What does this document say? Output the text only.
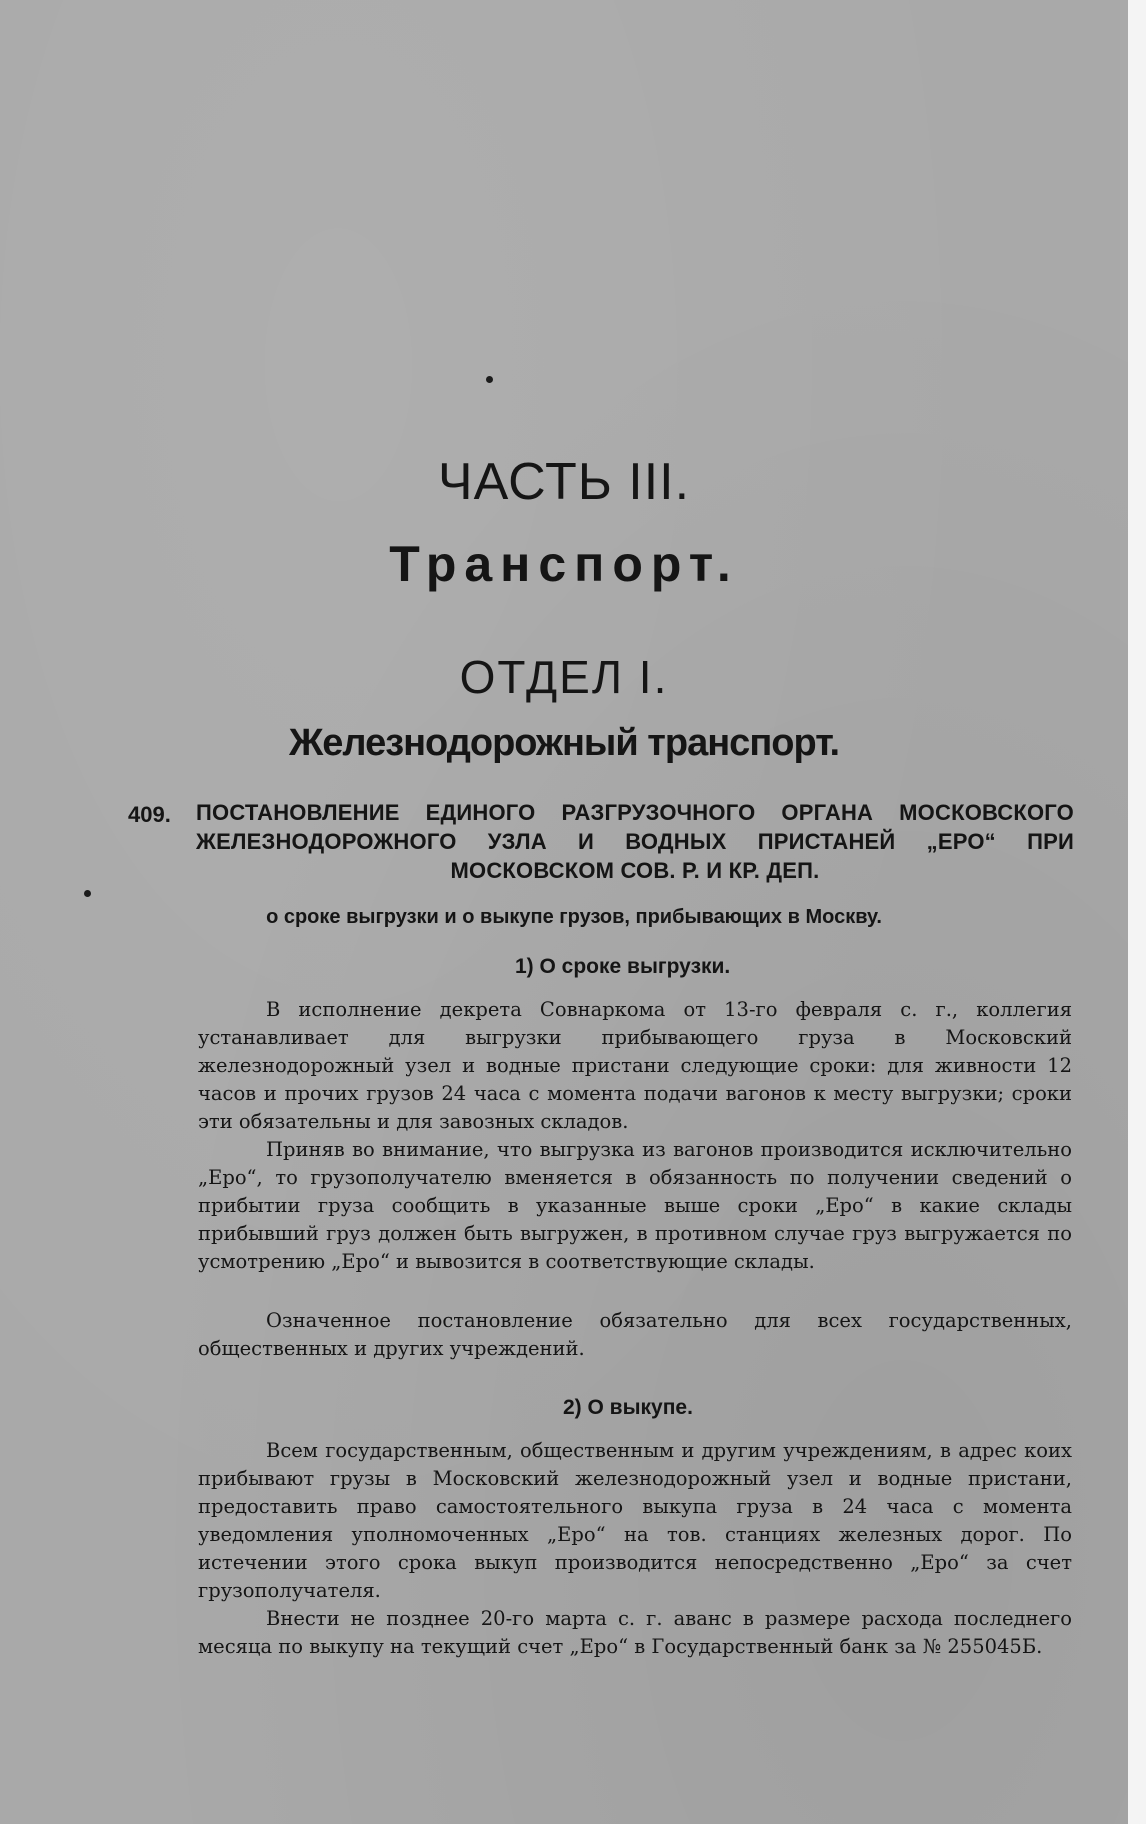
ЧАСТЬ III.
Транспорт.
ОТДЕЛ I.
Железнодорожный транспорт.
409. ПОСТАНОВЛЕНИЕ ЕДИНОГО РАЗГРУЗОЧНОГО ОРГАНА МОСКОВСКОГО ЖЕЛЕЗНОДОРОЖНОГО УЗЛА И ВОДНЫХ ПРИСТАНЕЙ „ЕРО“ ПРИ МОСКОВСКОМ СОВ. Р. И КР. ДЕП.
о сроке выгрузки и о выкупе грузов, прибывающих в Москву.
1) О сроке выгрузки.

В исполнение декрета Совнаркома от 13-го февраля с. г., коллегия устанавливает для выгрузки прибывающего груза в Московский железнодорожный узел и водные пристани следующие сроки: для живности 12 часов и прочих грузов 24 часа с момента подачи вагонов к месту выгрузки; сроки эти обязательны и для завозных складов.

Приняв во внимание, что выгрузка из вагонов производится исключительно „Еро“, то грузополучателю вменяется в обязанность по получении сведений о прибытии груза сообщить в указанные выше сроки „Еро“ в какие склады прибывший груз должен быть выгружен, в противном случае груз выгружается по усмотрению „Еро“ и вывозится в соответствующие склады.

Означенное постановление обязательно для всех государственных, общественных и других учреждений.

2) О выкупе.

Всем государственным, общественным и другим учреждениям, в адрес коих прибывают грузы в Московский железнодорожный узел и водные пристани, предоставить право самостоятельного выкупа груза в 24 часа с момента уведомления уполномоченных „Еро“ на тов. станциях железных дорог. По истечении этого срока выкуп производится непосредственно „Еро“ за счет грузополучателя.

Внести не позднее 20-го марта с. г. аванс в размере расхода последнего месяца по выкупу на текущий счет „Еро“ в Государственный банк за № 255045Б.
